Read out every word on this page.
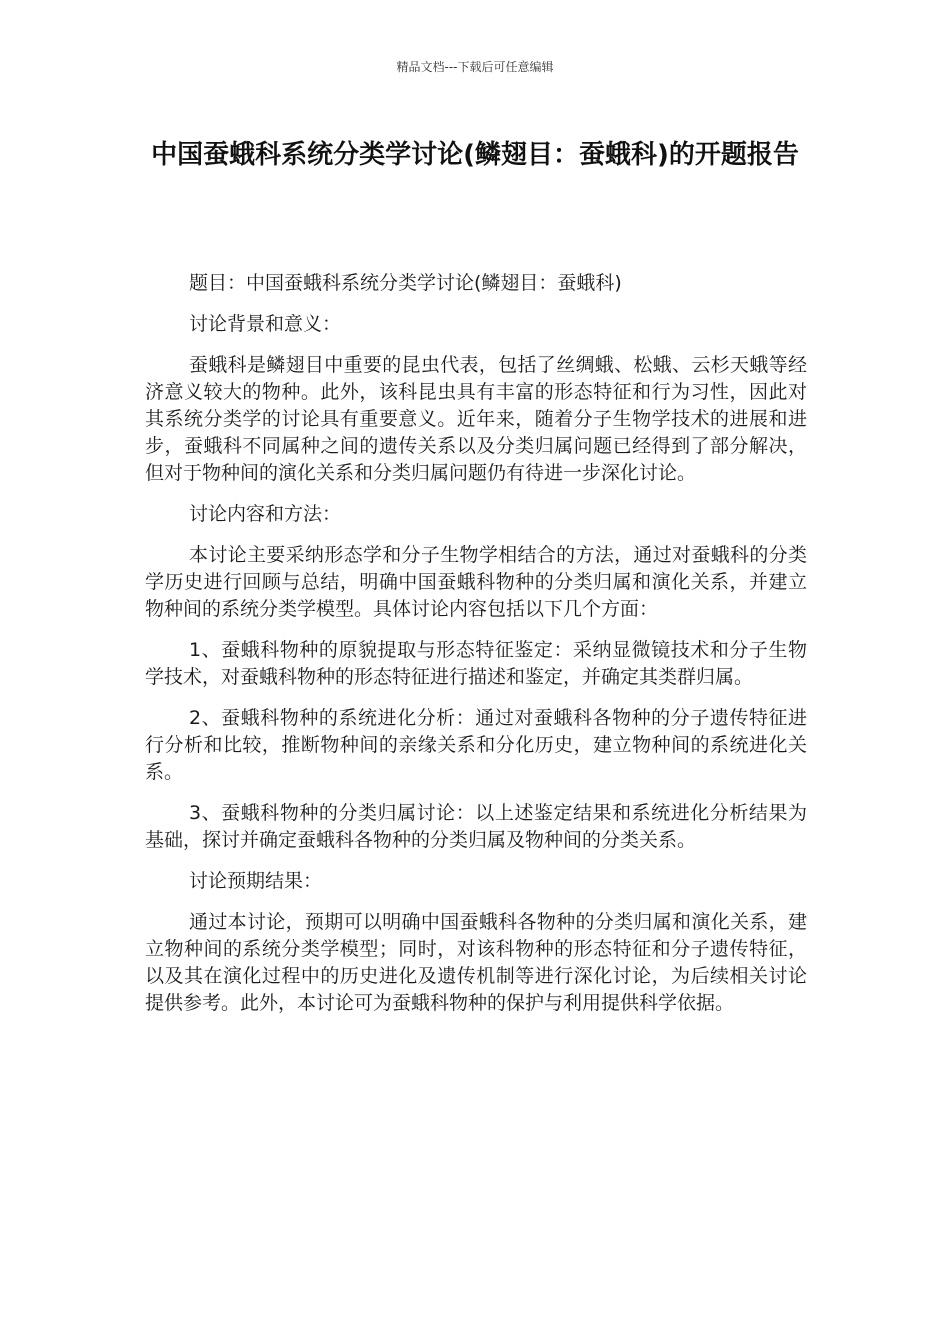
精品文档---下载后可任意编辑
中国蚕蛾科系统分类学讨论(鳞翅目：蚕蛾科)的开题报告

题目：中国蚕蛾科系统分类学讨论(鳞翅目：蚕蛾科)

讨论背景和意义：

蚕蛾科是鳞翅目中重要的昆虫代表，包括了丝绸蛾、松蛾、云杉天蛾等经济意义较大的物种。此外，该科昆虫具有丰富的形态特征和行为习性，因此对其系统分类学的讨论具有重要意义。近年来，随着分子生物学技术的进展和进步，蚕蛾科不同属种之间的遗传关系以及分类归属问题已经得到了部分解决，但对于物种间的演化关系和分类归属问题仍有待进一步深化讨论。

讨论内容和方法：

本讨论主要采纳形态学和分子生物学相结合的方法，通过对蚕蛾科的分类学历史进行回顾与总结，明确中国蚕蛾科物种的分类归属和演化关系，并建立物种间的系统分类学模型。具体讨论内容包括以下几个方面：

1、蚕蛾科物种的原貌提取与形态特征鉴定：采纳显微镜技术和分子生物学技术，对蚕蛾科物种的形态特征进行描述和鉴定，并确定其类群归属。

2、蚕蛾科物种的系统进化分析：通过对蚕蛾科各物种的分子遗传特征进行分析和比较，推断物种间的亲缘关系和分化历史，建立物种间的系统进化关系。

3、蚕蛾科物种的分类归属讨论：以上述鉴定结果和系统进化分析结果为基础，探讨并确定蚕蛾科各物种的分类归属及物种间的分类关系。

讨论预期结果：

通过本讨论，预期可以明确中国蚕蛾科各物种的分类归属和演化关系，建立物种间的系统分类学模型；同时，对该科物种的形态特征和分子遗传特征，以及其在演化过程中的历史进化及遗传机制等进行深化讨论，为后续相关讨论提供参考。此外，本讨论可为蚕蛾科物种的保护与利用提供科学依据。
